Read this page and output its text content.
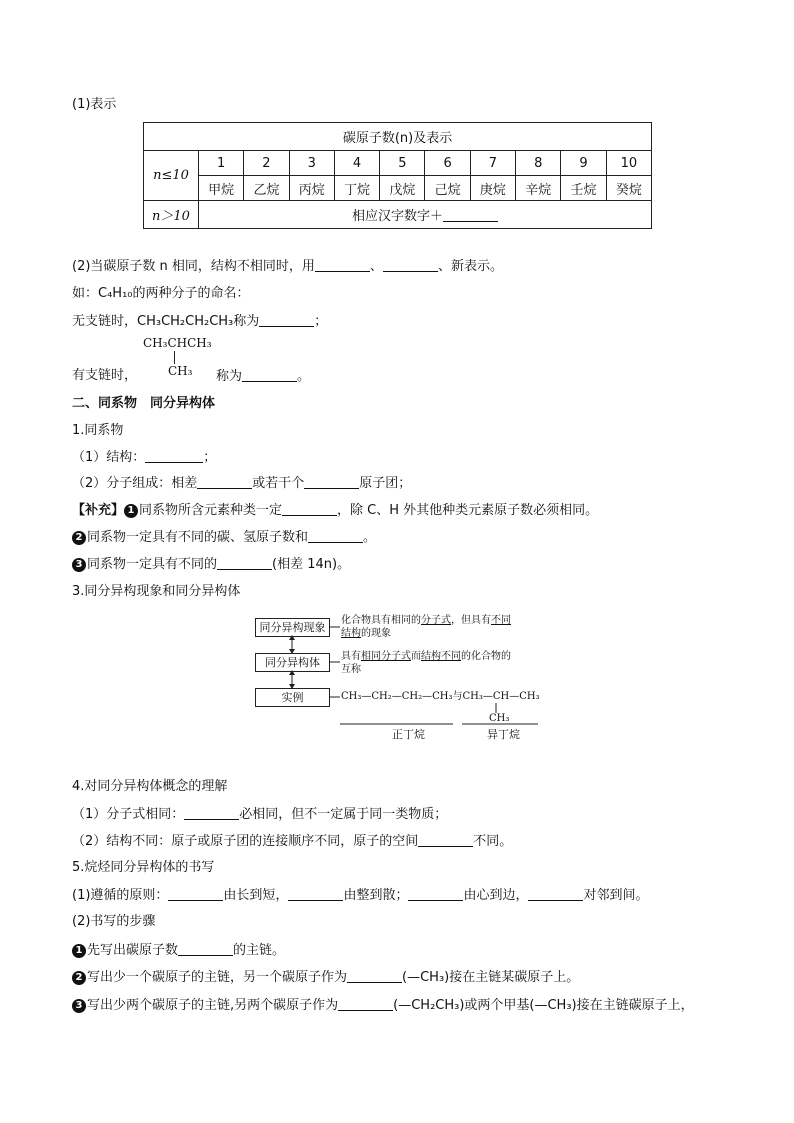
(1)表示
碳原子数(n)及表示										
n≤10	1	2	3	4	5	6	7	8	9	10
	甲烷	乙烷	丙烷	丁烷	戊烷	己烷	庚烷	辛烷	壬烷	癸烷
n＞10	相应汉字数字＋									
(2)当碳原子数 n 相同，结构不相同时，用	、	、新表示。
如：C₄H₁₀的两种分子的命名：
无支链时，CH₃CH₂CH₂CH₃称为	；
CH₃CHCH₃
CH₃
有支链时，	称为	。
二、同系物　同分异构体
1.同系物
（1）结构：	；
（2）分子组成：相差	或若干个	原子团；
【补充】 1 同系物所含元素种类一定	，除 C、H 外其他种类元素原子数必须相同。
2 同系物一定具有不同的碳、氢原子数和	。
3 同系物一定具有不同的	(相差 14n)。
3.同分异构现象和同分异构体
同分异构现象
同分异构体
实例
化合物具有相同的分子式，但具有不同
结构的现象
具有相同分子式而结构不同的化合物的
互称
CH₃—CH₂—CH₂—CH₃与CH₃—CH—CH₃
CH₃
正丁烷	异丁烷
4.对同分异构体概念的理解
（1）分子式相同：	必相同，但不一定属于同一类物质；
（2）结构不同：原子或原子团的连接顺序不同，原子的空间	不同。
5.烷烃同分异构体的书写
(1)遵循的原则：	由长到短，	由整到散；	由心到边，	对邻到间。
(2)书写的步骤
1 先写出碳原子数	的主链。
2 写出少一个碳原子的主链，另一个碳原子作为	(—CH₃)接在主链某碳原子上。
3 写出少两个碳原子的主链,另两个碳原子作为	(—CH₂CH₃)或两个甲基(—CH₃)接在主链碳原子上，
